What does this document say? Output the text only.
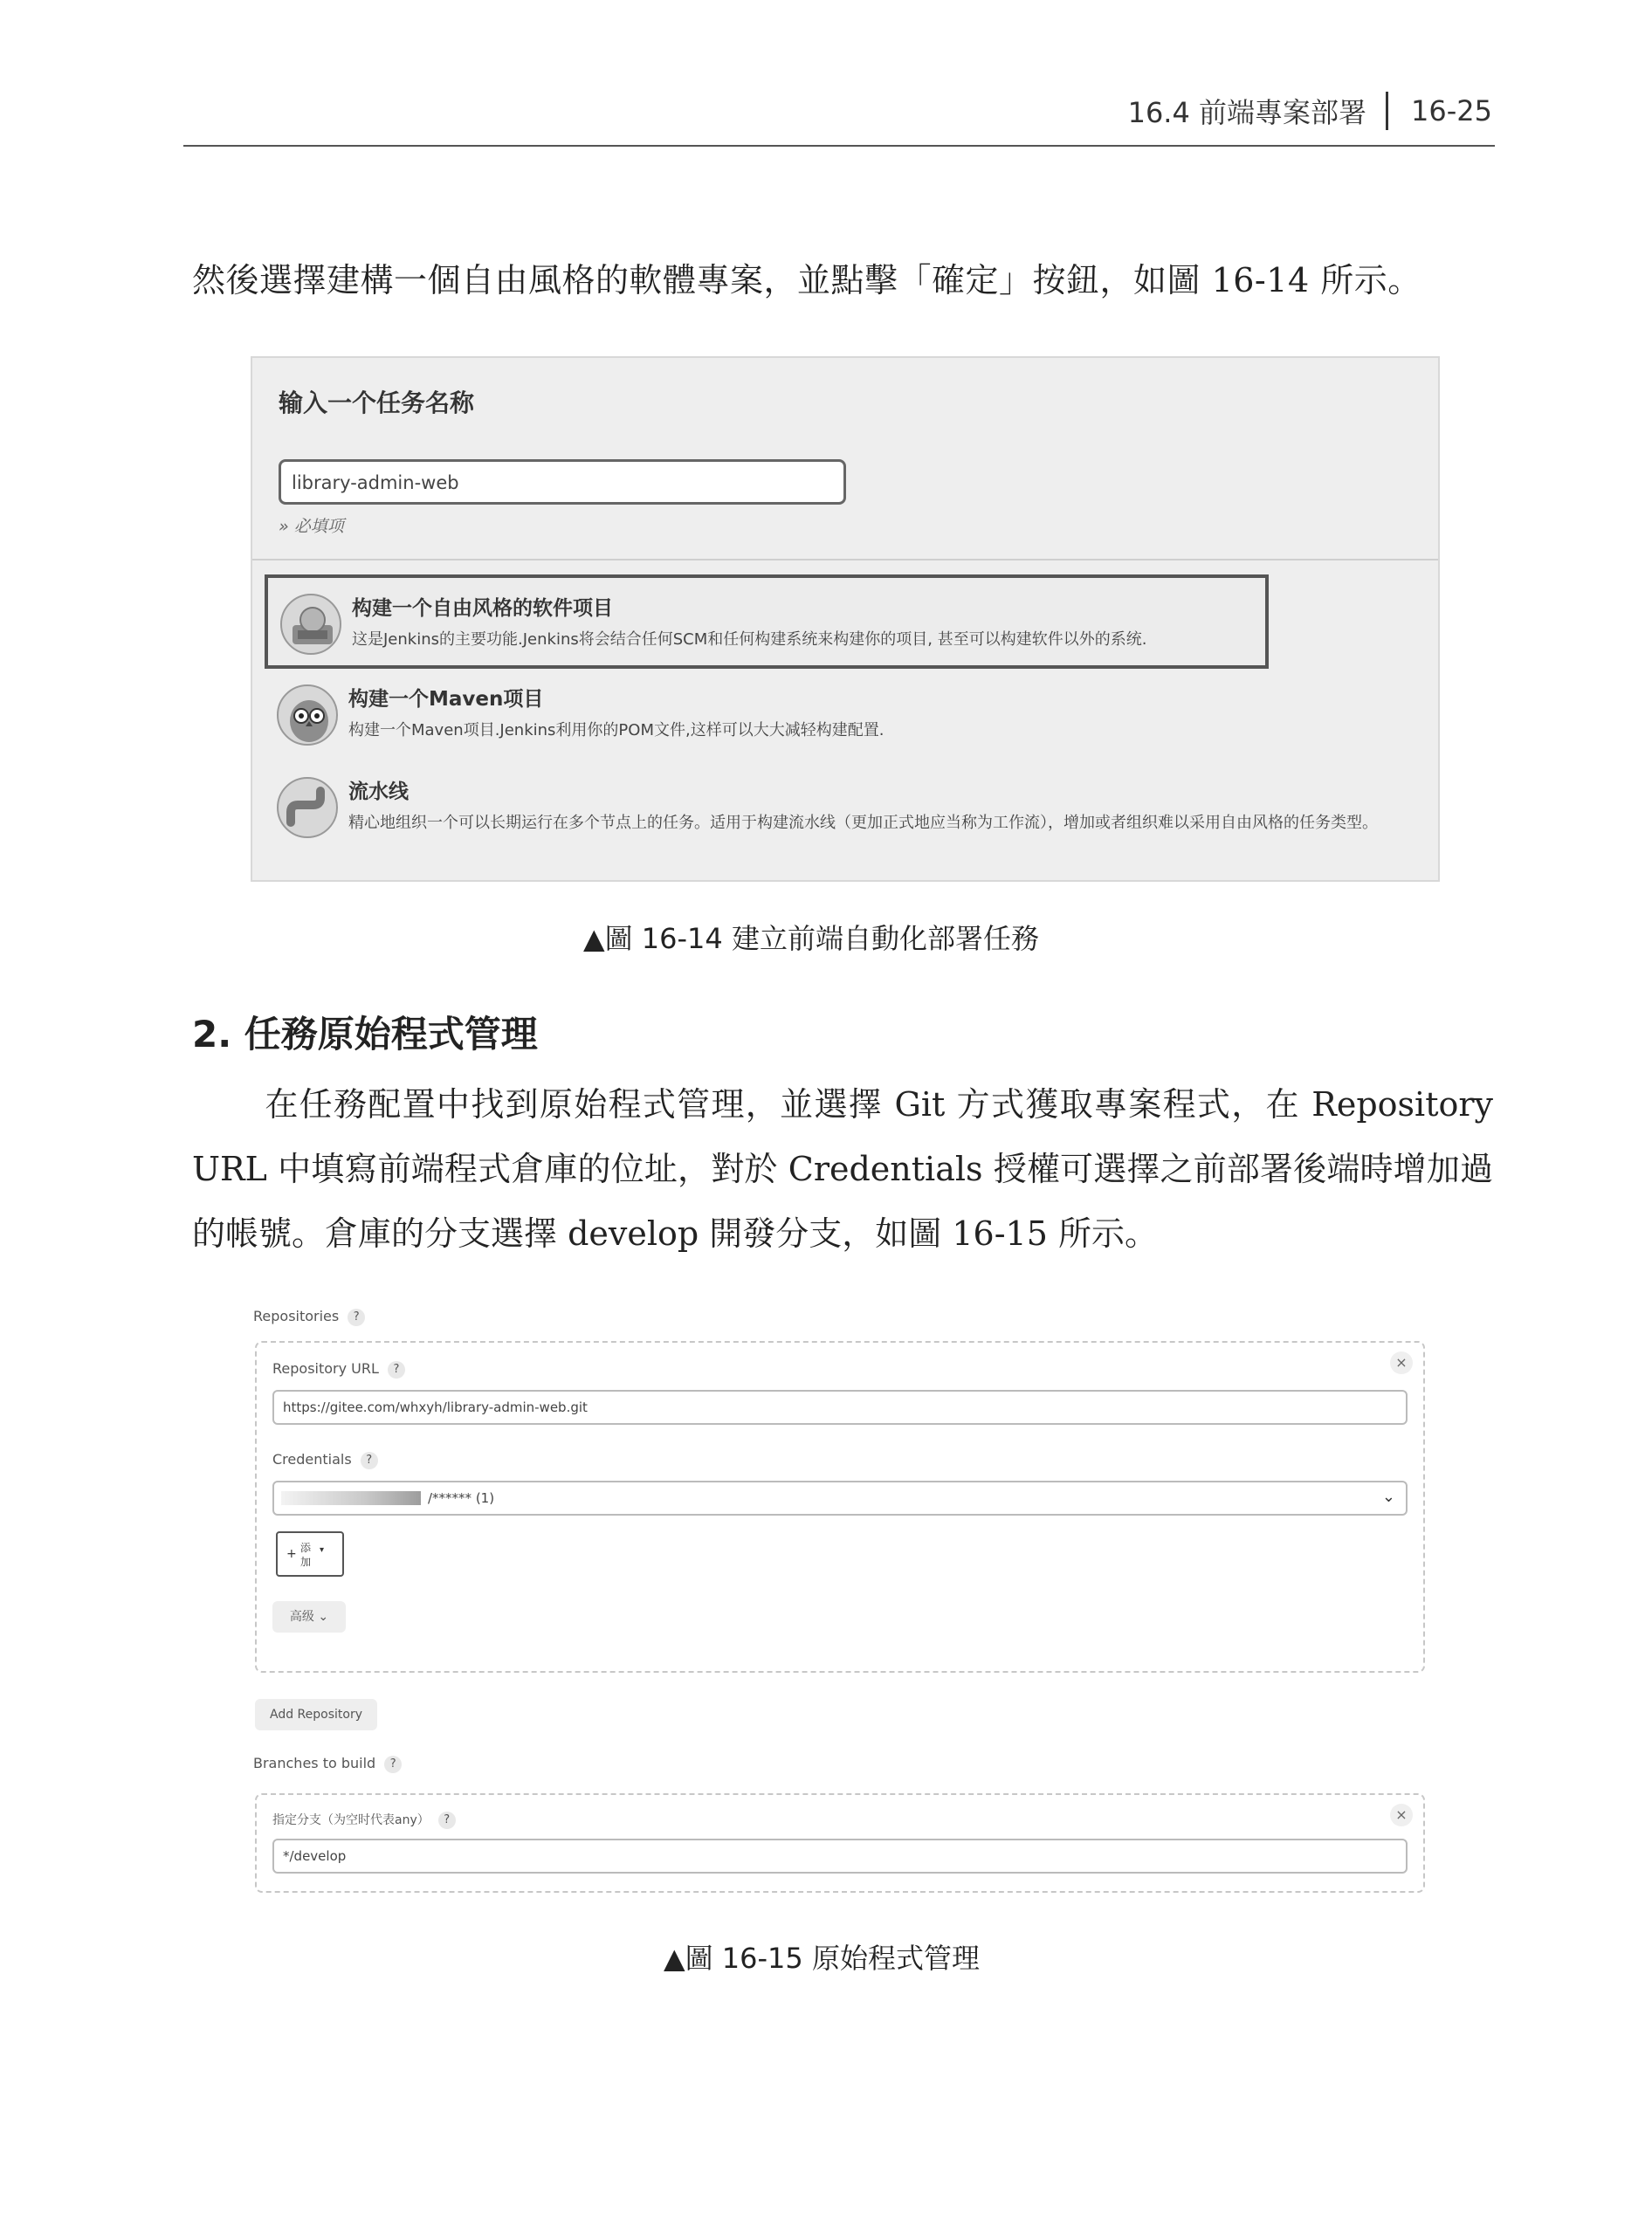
16.4 前端專案部署 16-25
然後選擇建構一個自由風格的軟體專案，並點擊「確定」按鈕，如圖 16-14 所示。
输入一个任务名称
library-admin-web
» 必填项
构建一个自由风格的软件项目
这是Jenkins的主要功能.Jenkins将会结合任何SCM和任何构建系统来构建你的项目, 甚至可以构建软件以外的系统.
构建一个Maven项目
构建一个Maven项目.Jenkins利用你的POM文件,这样可以大大减轻构建配置.
流水线
精心地组织一个可以长期运行在多个节点上的任务。适用于构建流水线（更加正式地应当称为工作流），增加或者组织难以采用自由风格的任务类型。
▲圖 16-14 建立前端自動化部署任務
2. 任務原始程式管理
在任務配置中找到原始程式管理，並選擇 Git 方式獲取專案程式，在 Repository URL 中填寫前端程式倉庫的位址，對於 Credentials 授權可選擇之前部署後端時增加過的帳號。倉庫的分支選擇 develop 開發分支，如圖 16-15 所示。
Repositories ?
×
Repository URL ?
https://gitee.com/whxyh/library-admin-web.git
Credentials ?
/****** (1)	⌄
+ 添
加
▾
高级 ⌄
Add Repository
Branches to build ?
×
指定分支（为空时代表any） ?
*/develop
▲圖 16-15 原始程式管理
